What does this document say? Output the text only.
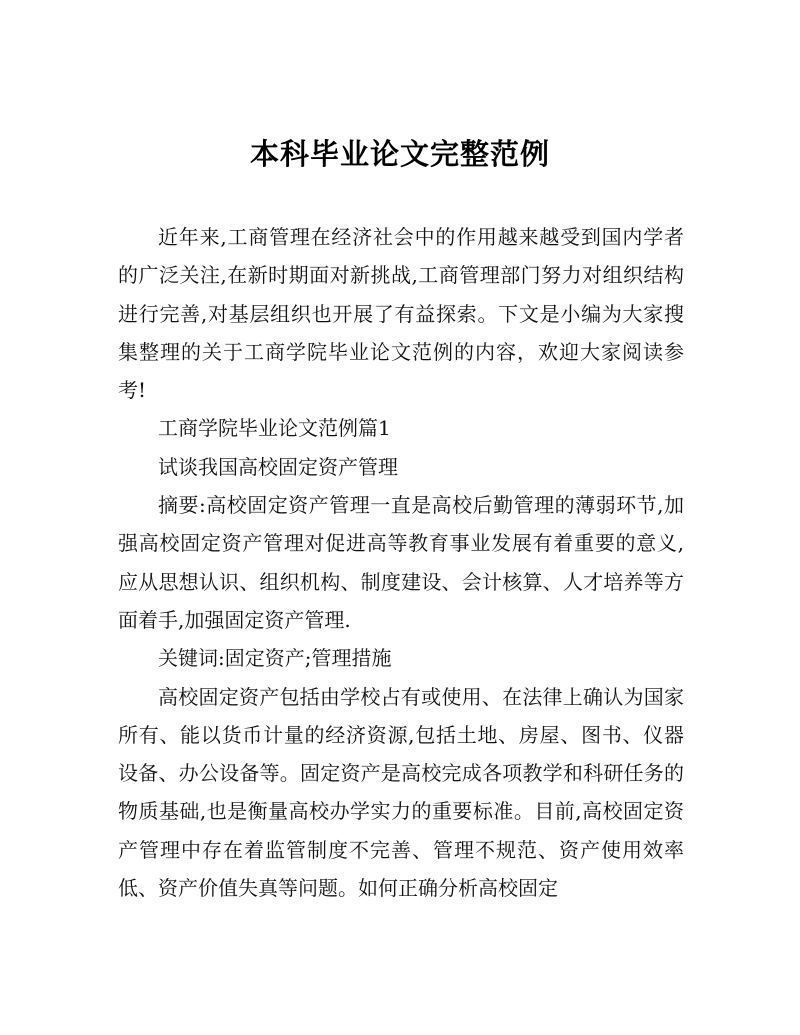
本科毕业论文完整范例

近年来,工商管理在经济社会中的作用越来越受到国内学者的广泛关注,在新时期面对新挑战,工商管理部门努力对组织结构进行完善,对基层组织也开展了有益探索。下文是小编为大家搜集整理的关于工商学院毕业论文范例的内容，欢迎大家阅读参考!

工商学院毕业论文范例篇1

试谈我国高校固定资产管理

摘要:高校固定资产管理一直是高校后勤管理的薄弱环节,加强高校固定资产管理对促进高等教育事业发展有着重要的意义,应从思想认识、组织机构、制度建设、会计核算、人才培养等方面着手,加强固定资产管理.

关键词:固定资产;管理措施

高校固定资产包括由学校占有或使用、在法律上确认为国家所有、能以货币计量的经济资源,包括土地、房屋、图书、仪器设备、办公设备等。固定资产是高校完成各项教学和科研任务的物质基础,也是衡量高校办学实力的重要标准。目前,高校固定资产管理中存在着监管制度不完善、管理不规范、资产使用效率低、资产价值失真等问题。如何正确分析高校固定
